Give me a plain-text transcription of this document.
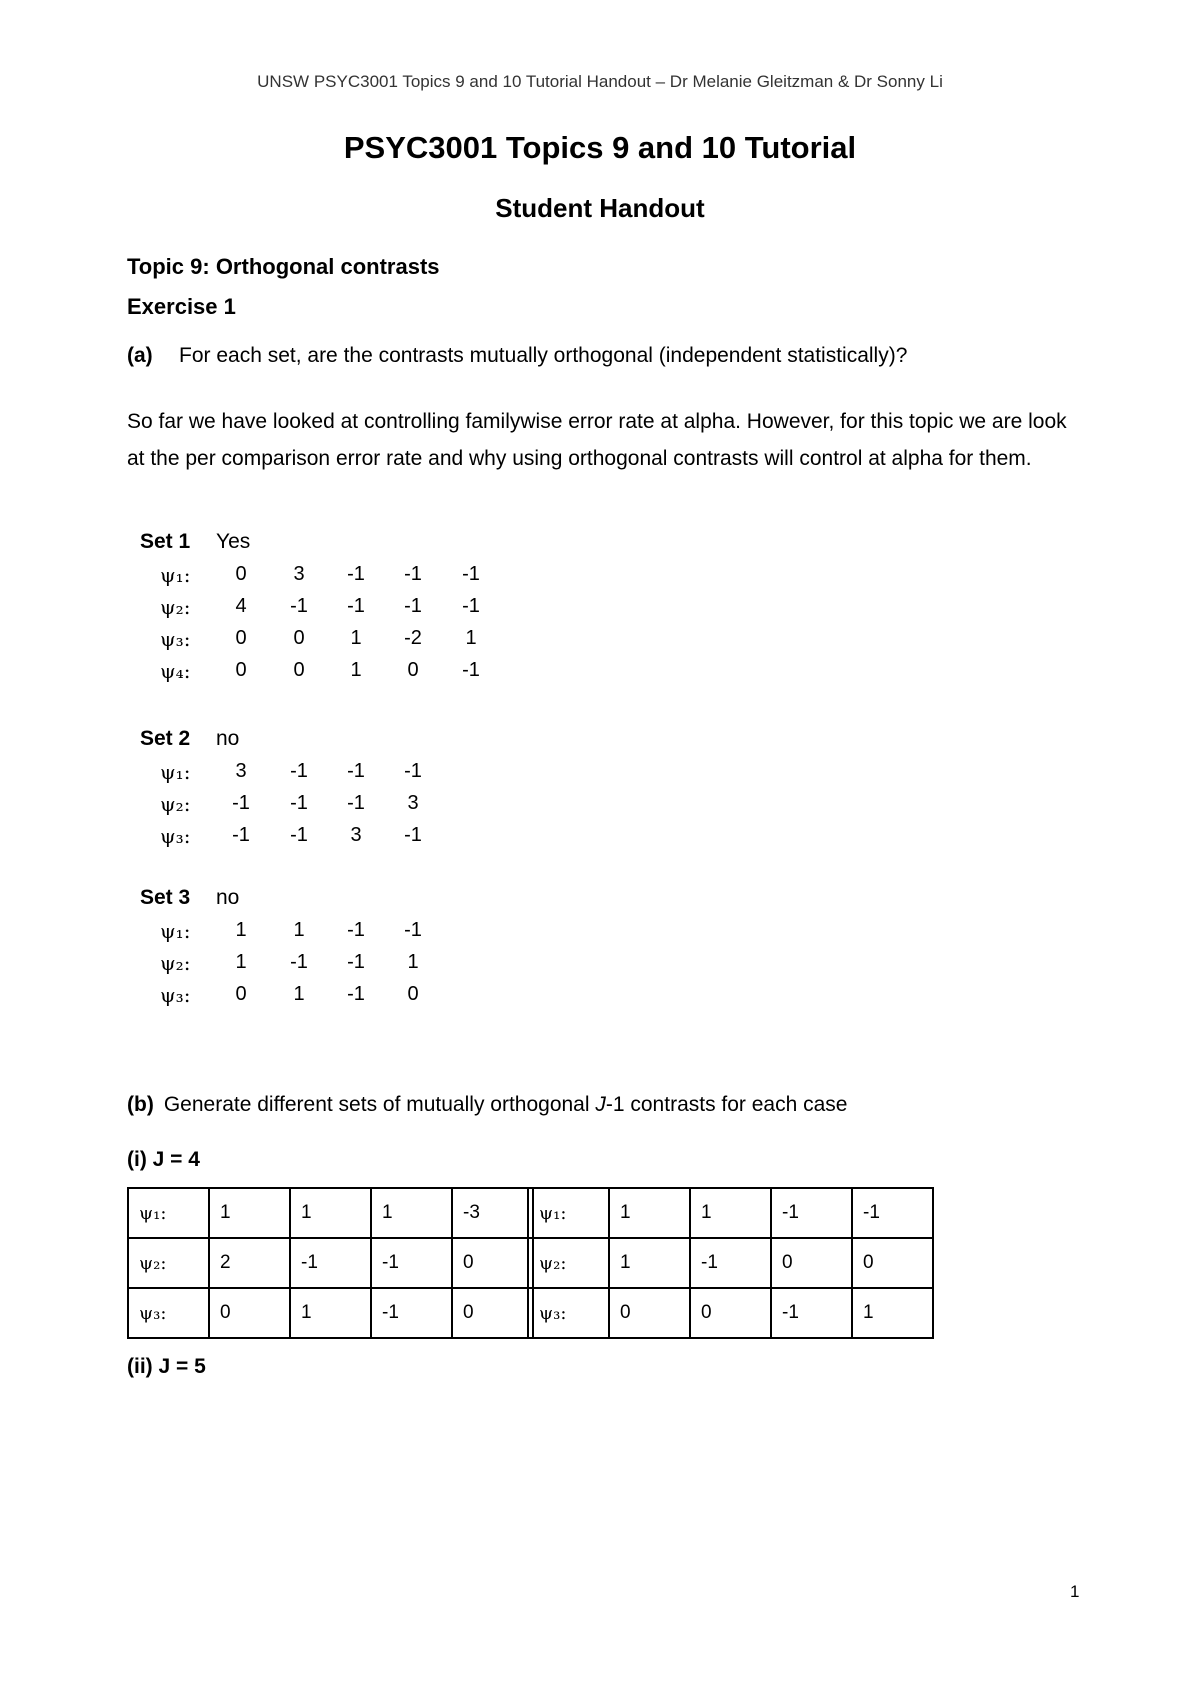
UNSW PSYC3001 Topics 9 and 10 Tutorial Handout – Dr Melanie Gleitzman & Dr Sonny Li
PSYC3001 Topics 9 and 10 Tutorial
Student Handout
Topic 9: Orthogonal contrasts
Exercise 1
(a) For each set, are the contrasts mutually orthogonal (independent statistically)?
So far we have looked at controlling familywise error rate at alpha. However, for this topic we are look at the per comparison error rate and why using orthogonal contrasts will control at alpha for them.
Set 1 Yes
ψ₁:	0	3	-1	-1	-1
ψ₂:	4	-1	-1	-1	-1
ψ₃:	0	0	1	-2	1
ψ₄:	0	0	1	0	-1
Set 2 no
ψ₁:	3	-1	-1	-1
ψ₂:	-1	-1	-1	3
ψ₃:	-1	-1	3	-1
Set 3 no
ψ₁:	1	1	-1	-1
ψ₂:	1	-1	-1	1
ψ₃:	0	1	-1	0
(b) Generate different sets of mutually orthogonal J-1 contrasts for each case
(i) J = 4
ψ₁:	1	1	1	-3
ψ₂:	2	-1	-1	0
ψ₃:	0	1	-1	0
ψ₁:	1	1	-1	-1
ψ₂:	1	-1	0	0
ψ₃:	0	0	-1	1
(ii) J = 5
1
